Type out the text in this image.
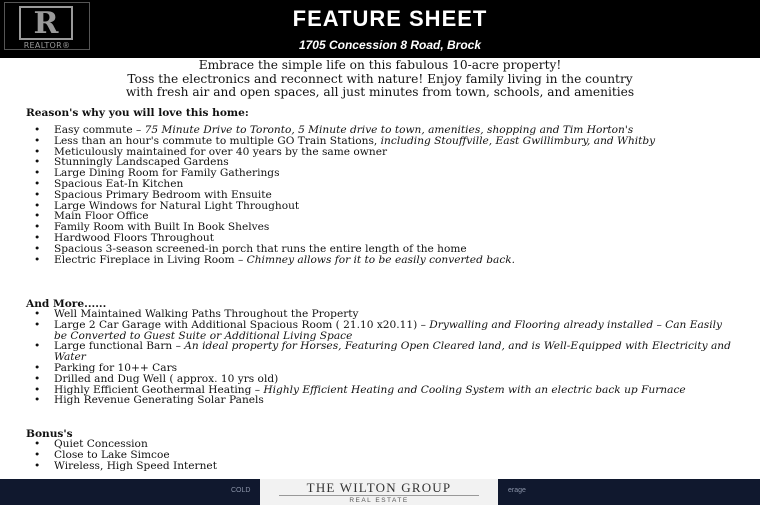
R
REALTOR®
FEATURE SHEET
1705 Concession 8 Road, Brock
Embrace the simple life on this fabulous 10-acre property!
Toss the electronics and reconnect with nature! Enjoy family living in the country
with fresh air and open spaces, all just minutes from town, schools, and amenities
Reason's why you will love this home:
• Easy commute – 75 Minute Drive to Toronto, 5 Minute drive to town, amenities, shopping and Tim Horton's
• Less than an hour's commute to multiple GO Train Stations, including Stouffville, East Gwillimbury, and Whitby
• Meticulously maintained for over 40 years by the same owner
• Stunningly Landscaped Gardens
• Large Dining Room for Family Gatherings
• Spacious Eat-In Kitchen
• Spacious Primary Bedroom with Ensuite
• Large Windows for Natural Light Throughout
• Main Floor Office
• Family Room with Built In Book Shelves
• Hardwood Floors Throughout
• Spacious 3-season screened-in porch that runs the entire length of the home
• Electric Fireplace in Living Room – Chimney allows for it to be easily converted back.
And More......
• Well Maintained Walking Paths Throughout the Property
• Large 2 Car Garage with Additional Spacious Room ( 21.10 x20.11) – Drywalling and Flooring already installed – Can Easily be Converted to Guest Suite or Additional Living Space
• Large functional Barn – An ideal property for Horses, Featuring Open Cleared land, and is Well-Equipped with Electricity and Water
• Parking for 10++ Cars
• Drilled and Dug Well ( approx. 10 yrs old)
• Highly Efficient Geothermal Heating – Highly Efficient Heating and Cooling System with an electric back up Furnace
• High Revenue Generating Solar Panels
Bonus's
• Quiet Concession
• Close to Lake Simcoe
• Wireless, High Speed Internet
COLD	erage
THE WILTON GROUP
REAL ESTATE
